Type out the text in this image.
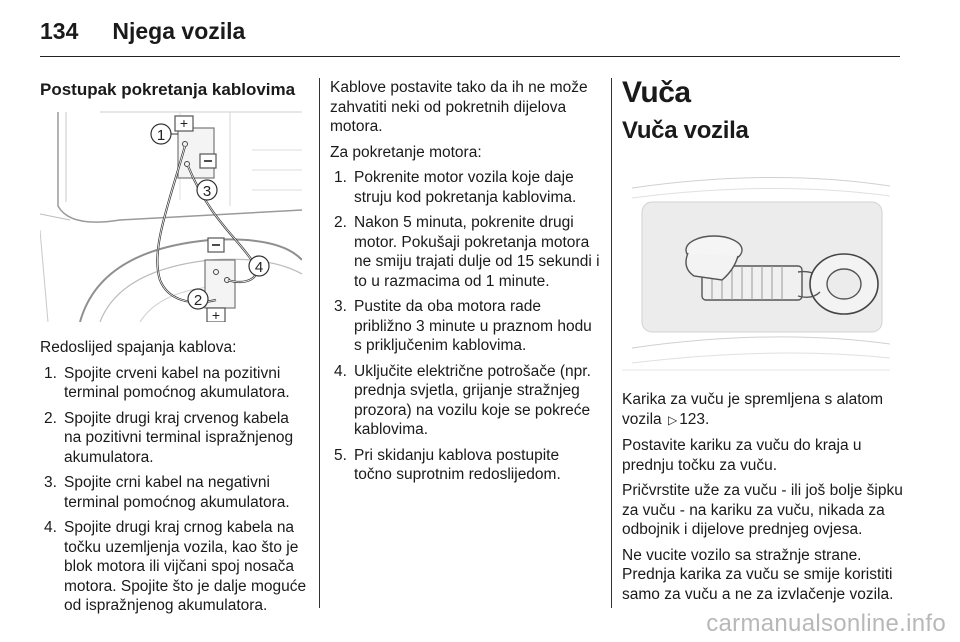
134 Njega vozila
Postupak pokretanja kablovima
+
+
1
3
4
2

Redoslijed spajanja kablova:

1. Spojite crveni kabel na pozitivni terminal pomoćnog akumulatora.
2. Spojite drugi kraj crvenog kabela na pozitivni terminal ispražnjenog akumulatora.
3. Spojite crni kabel na negativni terminal pomoćnog akumulatora.
4. Spojite drugi kraj crnog kabela na točku uzemljenja vozila, kao što je blok motora ili vijčani spoj nosača motora. Spojite što je dalje moguće od ispražnjenog akumulatora.

Kablove postavite tako da ih ne može zahvatiti neki od pokretnih dijelova motora.

Za pokretanje motora:

1. Pokrenite motor vozila koje daje struju kod pokretanja kablovima.
2. Nakon 5 minuta, pokrenite drugi motor. Pokušaji pokretanja motora ne smiju trajati dulje od 15 sekundi i to u razmacima od 1 minute.
3. Pustite da oba motora rade približno 3 minute u praznom hodu s priključenim kablovima.
4. Uključite električne potrošače (npr. prednja svjetla, grijanje stražnjeg prozora) na vozilu koje se pokreće kablovima.
5. Pri skidanju kablova postupite točno suprotnim redoslijedom.
Vuča
Vuča vozila

Karika za vuču je spremljena s alatom vozila ▷ 123.

Postavite kariku za vuču do kraja u prednju točku za vuču.

Pričvrstite uže za vuču - ili još bolje šipku za vuču - na kariku za vuču, nikada za odbojnik i dijelove prednjeg ovjesa.

Ne vucite vozilo sa stražnje strane. Prednja karika za vuču se smije koristiti samo za vuču a ne za izvlačenje vozila.

carmanualsonline.info
